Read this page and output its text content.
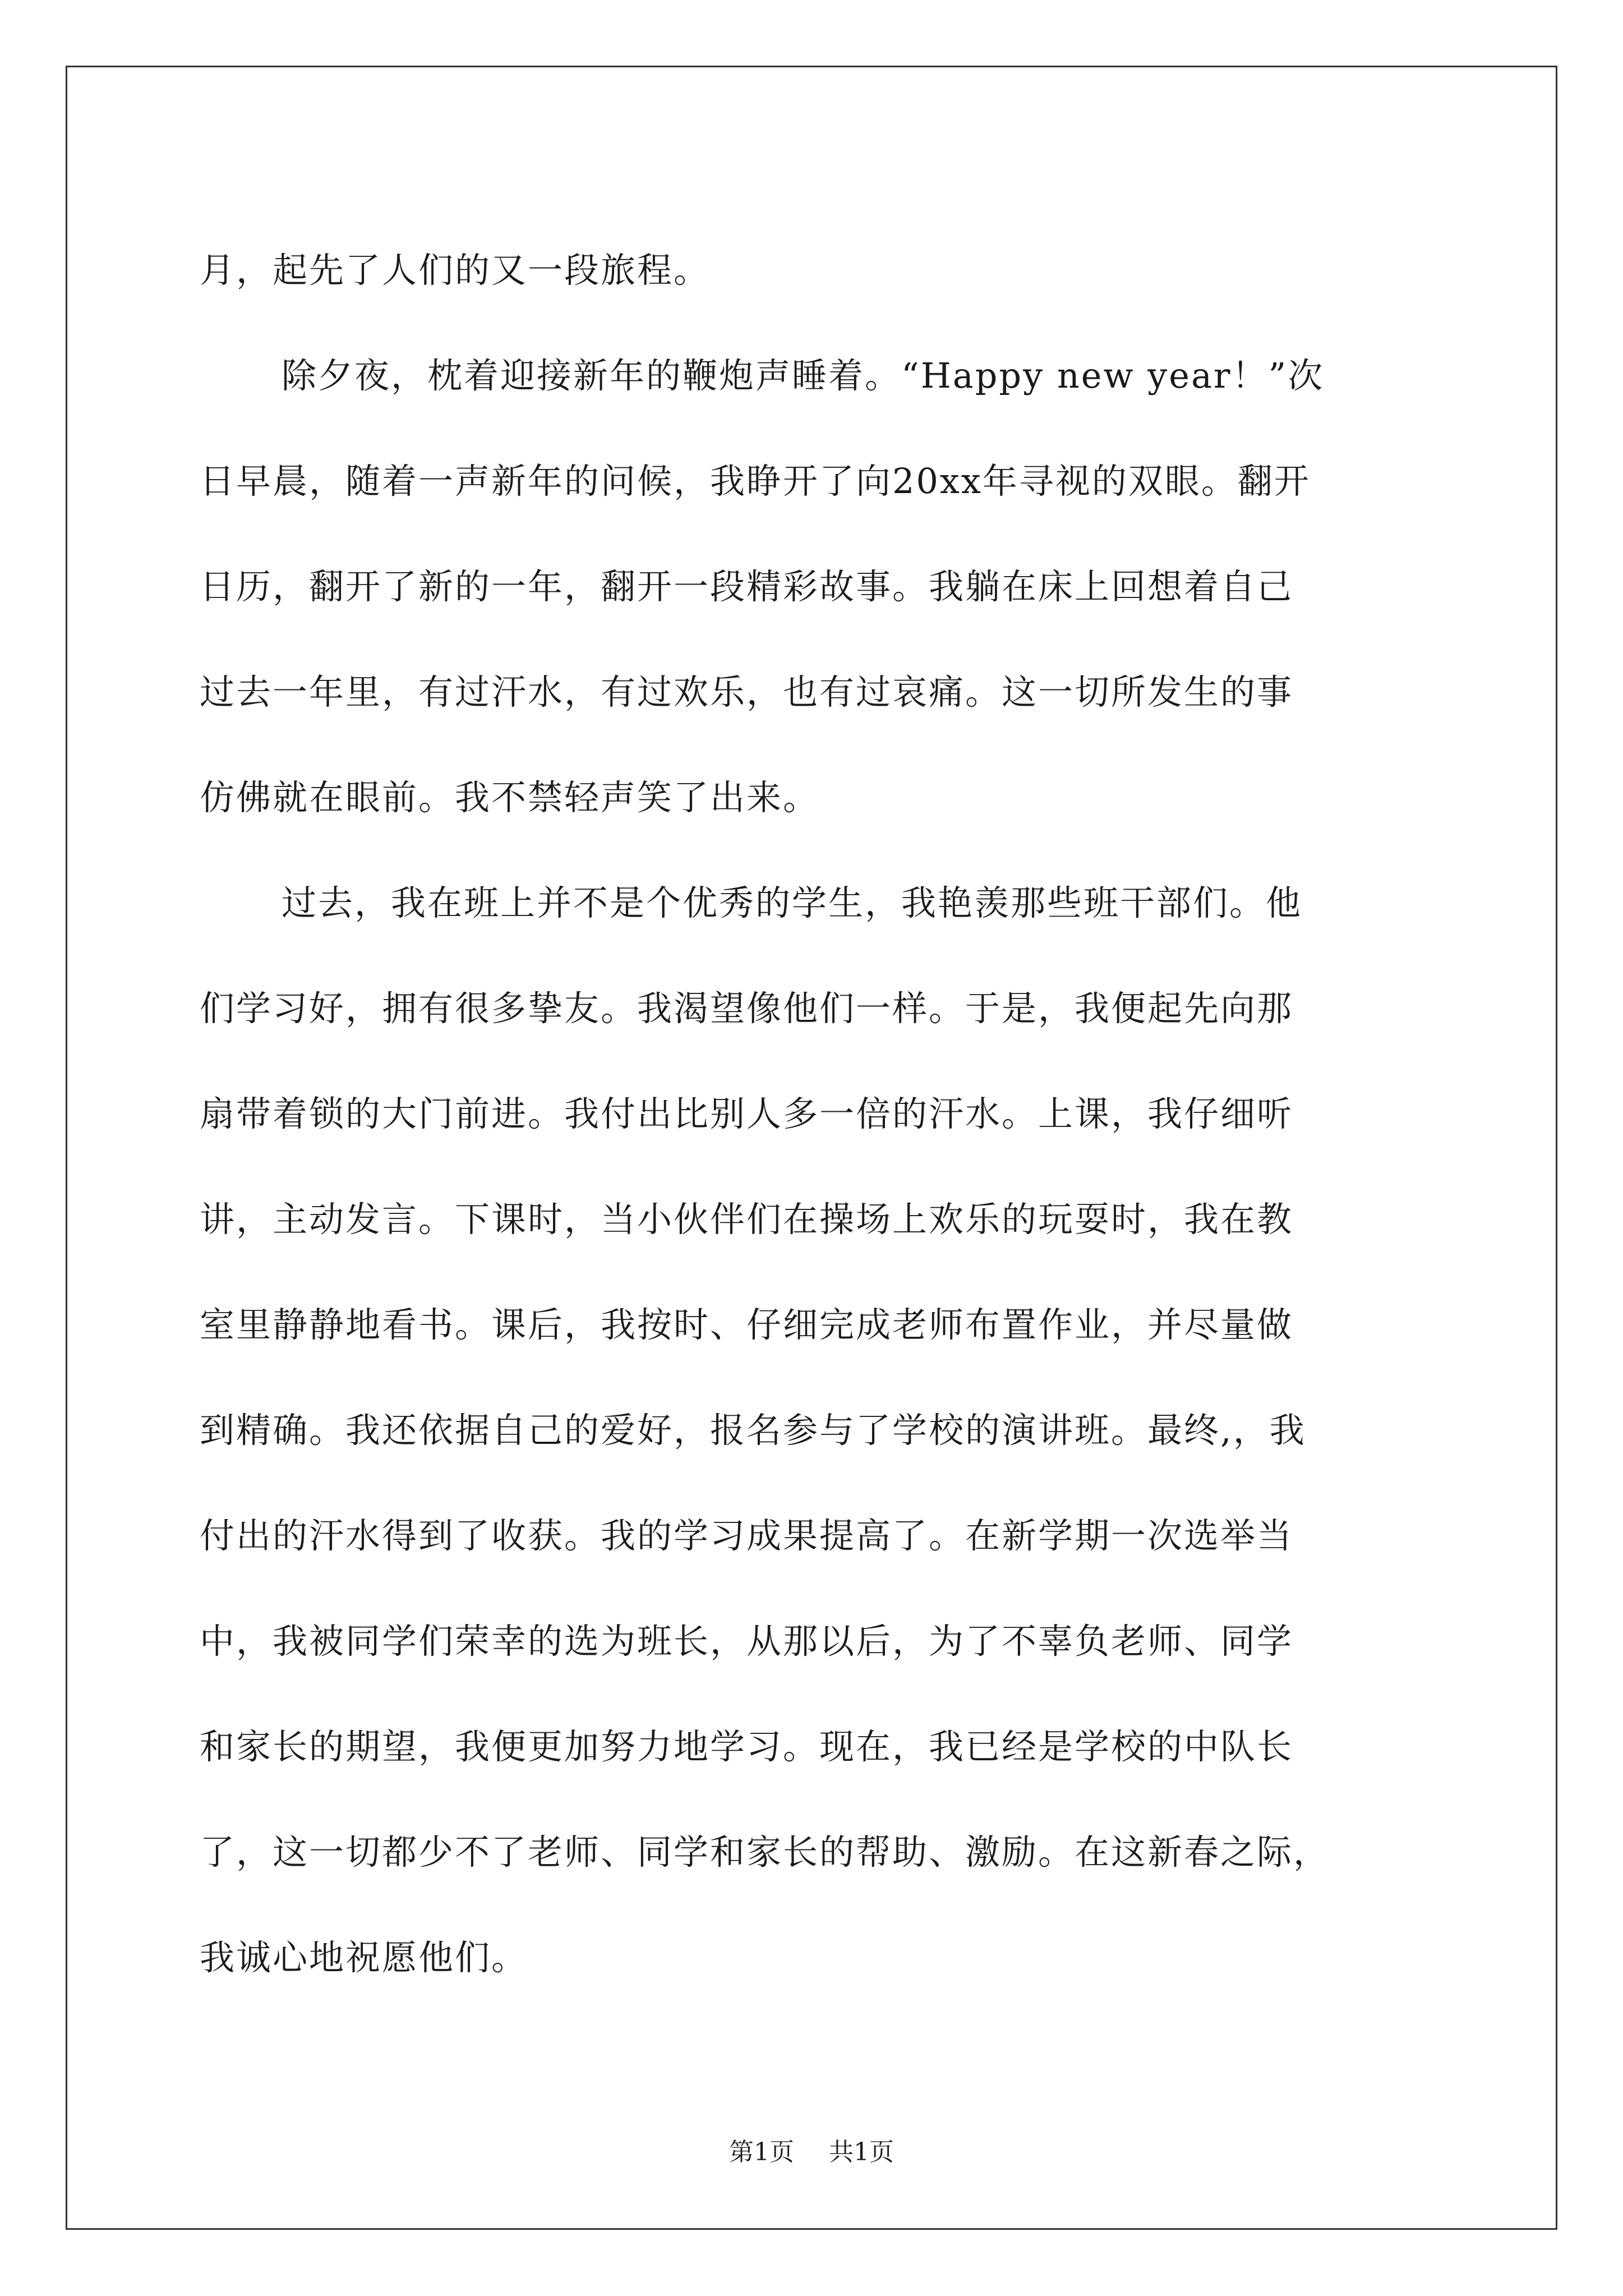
月，起先了人们的又一段旅程。
除夕夜，枕着迎接新年的鞭炮声睡着。“Happy new year！”次
日早晨，随着一声新年的问候，我睁开了向20xx年寻视的双眼。翻开
日历，翻开了新的一年，翻开一段精彩故事。我躺在床上回想着自己
过去一年里，有过汗水，有过欢乐，也有过哀痛。这一切所发生的事
仿佛就在眼前。我不禁轻声笑了出来。
过去，我在班上并不是个优秀的学生，我艳羡那些班干部们。他
们学习好，拥有很多挚友。我渴望像他们一样。于是，我便起先向那
扇带着锁的大门前进。我付出比别人多一倍的汗水。上课，我仔细听
讲，主动发言。下课时，当小伙伴们在操场上欢乐的玩耍时，我在教
室里静静地看书。课后，我按时、仔细完成老师布置作业，并尽量做
到精确。我还依据自己的爱好，报名参与了学校的演讲班。最终,，我
付出的汗水得到了收获。我的学习成果提高了。在新学期一次选举当
中，我被同学们荣幸的选为班长，从那以后，为了不辜负老师、同学
和家长的期望，我便更加努力地学习。现在，我已经是学校的中队长
了，这一切都少不了老师、同学和家长的帮助、激励。在这新春之际，
我诚心地祝愿他们。
第1页 共1页
